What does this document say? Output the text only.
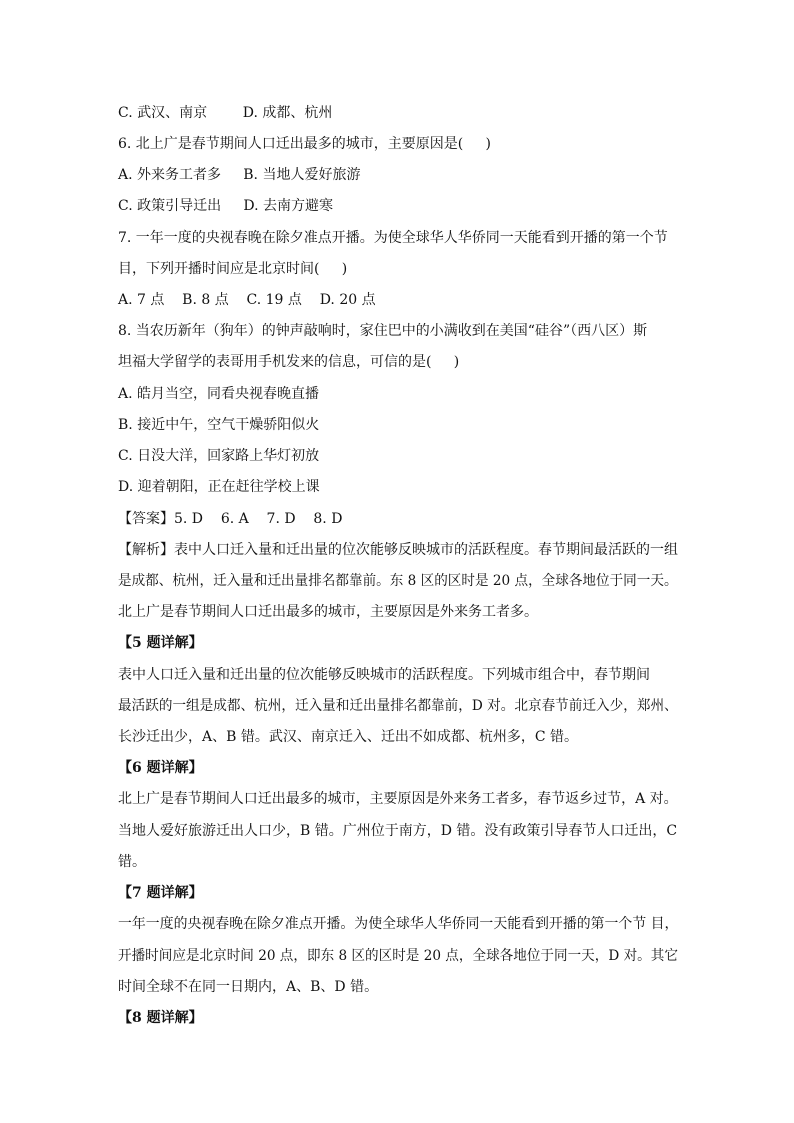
C. 武汉、南京        D. 成都、杭州
6. 北上广是春节期间人口迁出最多的城市，主要原因是(     )
A. 外来务工者多     B. 当地人爱好旅游
C. 政策引导迁出     D. 去南方避寒
7. 一年一度的央视春晚在除夕准点开播。为使全球华人华侨同一天能看到开播的第一个节
目，下列开播时间应是北京时间(     )
A. 7 点    B. 8 点    C. 19 点    D. 20 点
8. 当农历新年（狗年）的钟声敲响时，家住巴中的小满收到在美国“硅谷”（西八区）斯
坦福大学留学的表哥用手机发来的信息，可信的是(     )
A. 皓月当空，同看央视春晚直播
B. 接近中午，空气干燥骄阳似火
C. 日没大洋，回家路上华灯初放
D. 迎着朝阳，正在赶往学校上课
【答案】5. D    6. A    7. D    8. D
【解析】表中人口迁入量和迁出量的位次能够反映城市的活跃程度。春节期间最活跃的一组
是成都、杭州，迁入量和迁出量排名都靠前。东 8 区的区时是 20 点，全球各地位于同一天。
北上广是春节期间人口迁出最多的城市，主要原因是外来务工者多。
【5 题详解】
表中人口迁入量和迁出量的位次能够反映城市的活跃程度。下列城市组合中，春节期间
最活跃的一组是成都、杭州，迁入量和迁出量排名都靠前，D 对。北京春节前迁入少，郑州、
长沙迁出少，A、B 错。武汉、南京迁入、迁出不如成都、杭州多，C 错。
【6 题详解】
北上广是春节期间人口迁出最多的城市，主要原因是外来务工者多，春节返乡过节，A 对。
当地人爱好旅游迁出人口少，B 错。广州位于南方，D 错。没有政策引导春节人口迁出，C
错。
【7 题详解】
一年一度的央视春晚在除夕准点开播。为使全球华人华侨同一天能看到开播的第一个节 目，
开播时间应是北京时间 20 点，即东 8 区的区时是 20 点，全球各地位于同一天，D 对。其它
时间全球不在同一日期内，A、B、D 错。
【8 题详解】
